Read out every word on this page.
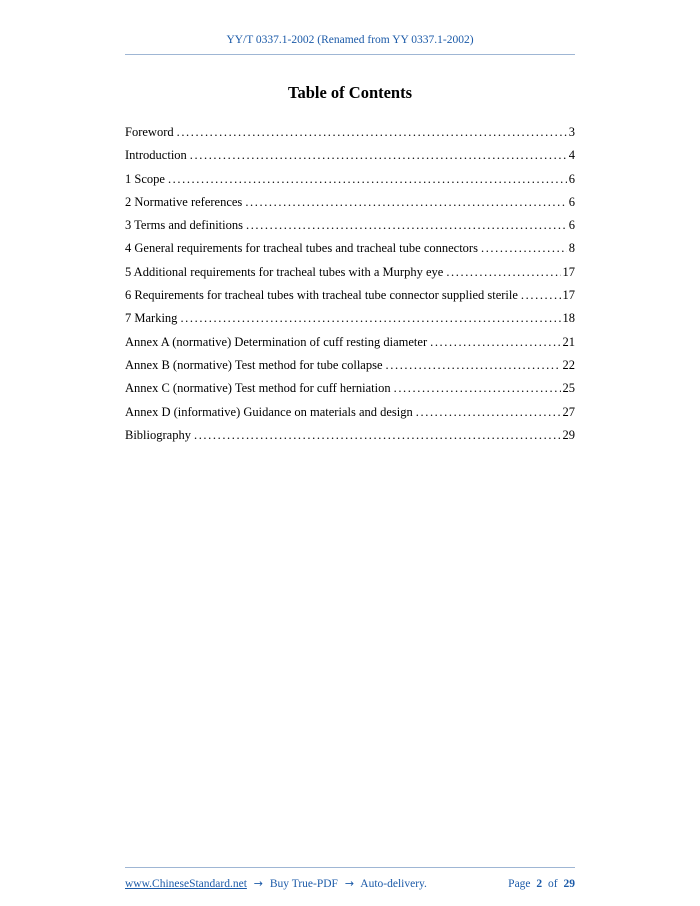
YY/T 0337.1-2002 (Renamed from YY 0337.1-2002)
Table of Contents
Foreword .....	3
Introduction .....	4
1 Scope .....	6
2 Normative references .....	6
3 Terms and definitions .....	6
4 General requirements for tracheal tubes and tracheal tube connectors .....	8
5 Additional requirements for tracheal tubes with a Murphy eye .....	17
6 Requirements for tracheal tubes with tracheal tube connector supplied sterile .....	17
7 Marking .....	18
Annex A (normative) Determination of cuff resting diameter .....	21
Annex B (normative) Test method for tube collapse .....	22
Annex C (normative) Test method for cuff herniation .....	25
Annex D (informative) Guidance on materials and design .....	27
Bibliography .....	29
www.ChineseStandard.net → Buy True-PDF → Auto-delivery.	Page 2 of 29
